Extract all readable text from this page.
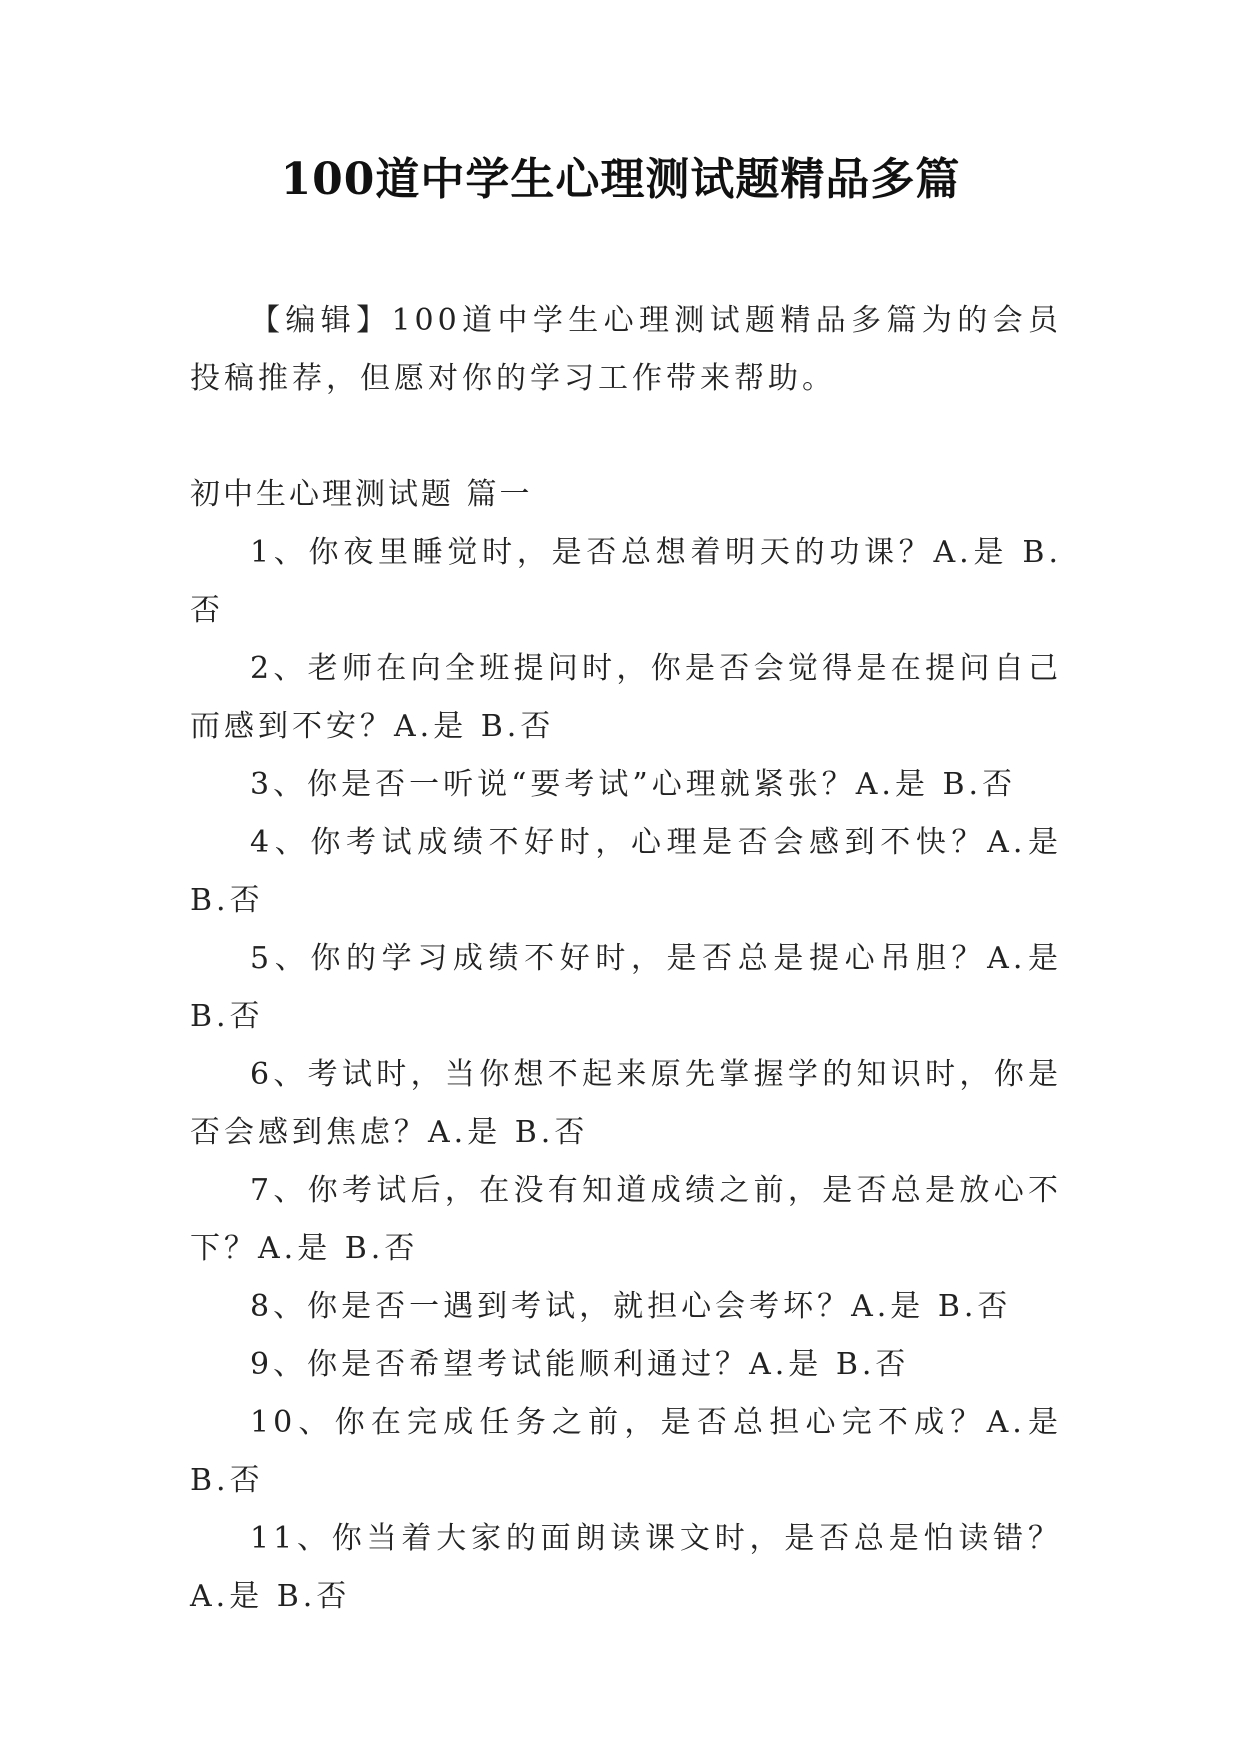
100道中学生心理测试题精品多篇

【编辑】100道中学生心理测试题精品多篇为的会员投稿推荐，但愿对你的学习工作带来帮助。

初中生心理测试题 篇一

1、你夜里睡觉时，是否总想着明天的功课？A.是 B.否

2、老师在向全班提问时，你是否会觉得是在提问自己而感到不安？A.是 B.否

3、你是否一听说“要考试”心理就紧张？A.是 B.否

4、你考试成绩不好时，心理是否会感到不快？A.是 B.否

5、你的学习成绩不好时，是否总是提心吊胆？A.是 B.否

6、考试时，当你想不起来原先掌握学的知识时，你是否会感到焦虑？A.是 B.否

7、你考试后，在没有知道成绩之前，是否总是放心不下？A.是 B.否

8、你是否一遇到考试，就担心会考坏？A.是 B.否

9、你是否希望考试能顺利通过？A.是 B.否

10、你在完成任务之前，是否总担心完不成？A.是 B.否

11、你当着大家的面朗读课文时，是否总是怕读错？A.是 B.否
